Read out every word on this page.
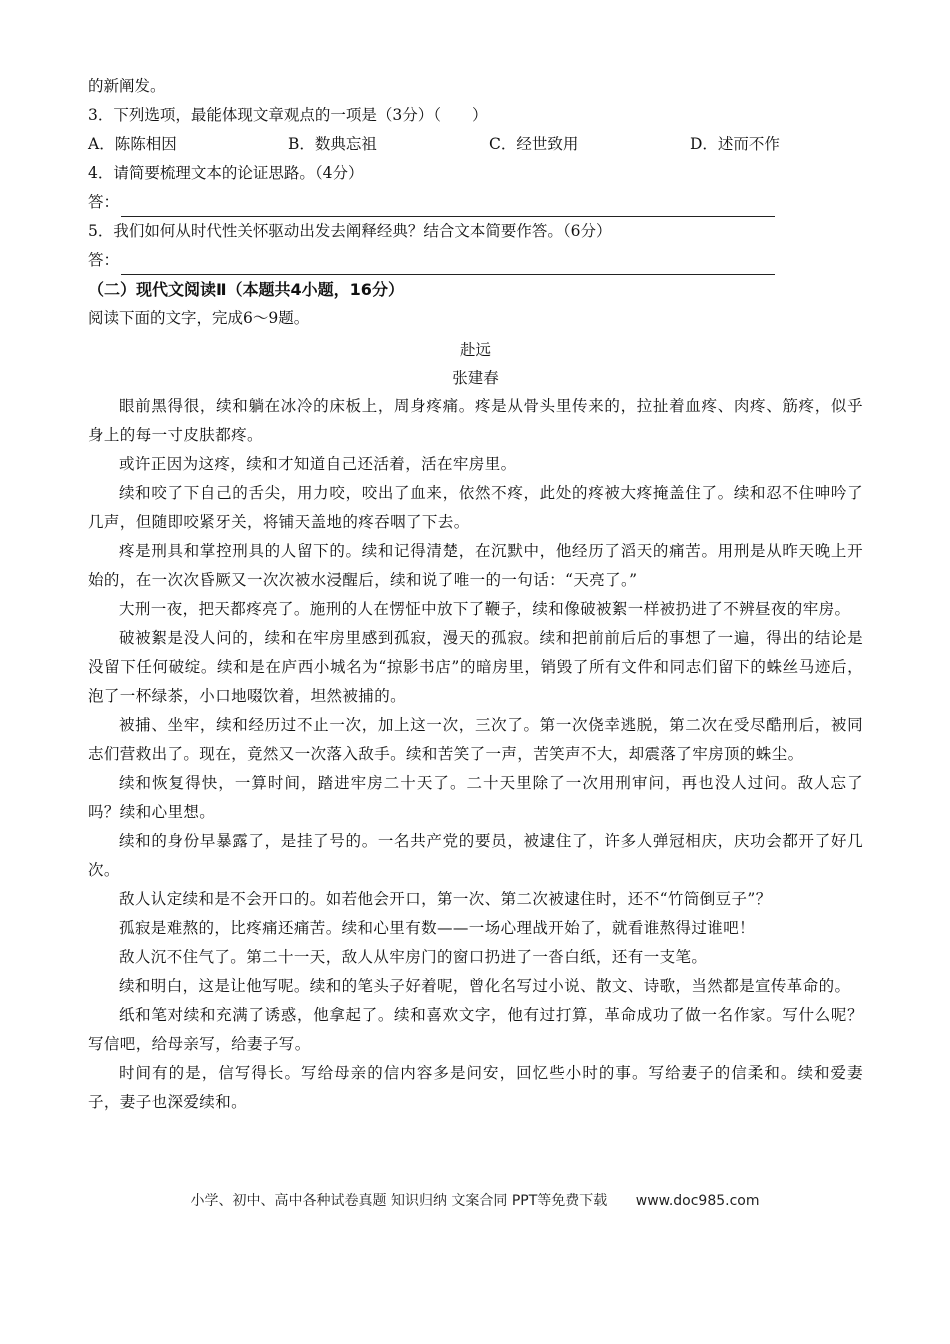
的新阐发。
3．下列选项，最能体现文章观点的一项是（3分）（　　）
A．陈陈相因	B．数典忘祖	C．经世致用	D．述而不作
4．请简要梳理文本的论证思路。（4分）
答：
5．我们如何从时代性关怀驱动出发去阐释经典？结合文本简要作答。（6分）
答：
（二）现代文阅读Ⅱ（本题共4小题，16分）
阅读下面的文字，完成6～9题。
赴远
张建春

眼前黑得很，续和躺在冰冷的床板上，周身疼痛。疼是从骨头里传来的，拉扯着血疼、肉疼、筋疼，似乎身上的每一寸皮肤都疼。

或许正因为这疼，续和才知道自己还活着，活在牢房里。

续和咬了下自己的舌尖，用力咬，咬出了血来，依然不疼，此处的疼被大疼掩盖住了。续和忍不住呻吟了几声，但随即咬紧牙关，将铺天盖地的疼吞咽了下去。

疼是刑具和掌控刑具的人留下的。续和记得清楚，在沉默中，他经历了滔天的痛苦。用刑是从昨天晚上开始的，在一次次昏厥又一次次被水浸醒后，续和说了唯一的一句话：“天亮了。”

大刑一夜，把天都疼亮了。施刑的人在愣怔中放下了鞭子，续和像破被絮一样被扔进了不辨昼夜的牢房。

破被絮是没人问的，续和在牢房里感到孤寂，漫天的孤寂。续和把前前后后的事想了一遍，得出的结论是没留下任何破绽。续和是在庐西小城名为“掠影书店”的暗房里，销毁了所有文件和同志们留下的蛛丝马迹后，泡了一杯绿茶，小口地啜饮着，坦然被捕的。

被捕、坐牢，续和经历过不止一次，加上这一次，三次了。第一次侥幸逃脱，第二次在受尽酷刑后，被同志们营救出了。现在，竟然又一次落入敌手。续和苦笑了一声，苦笑声不大，却震落了牢房顶的蛛尘。

续和恢复得快，一算时间，踏进牢房二十天了。二十天里除了一次用刑审问，再也没人过问。敌人忘了吗？续和心里想。

续和的身份早暴露了，是挂了号的。一名共产党的要员，被逮住了，许多人弹冠相庆，庆功会都开了好几次。

敌人认定续和是不会开口的。如若他会开口，第一次、第二次被逮住时，还不“竹筒倒豆子”？

孤寂是难熬的，比疼痛还痛苦。续和心里有数——一场心理战开始了，就看谁熬得过谁吧！

敌人沉不住气了。第二十一天，敌人从牢房门的窗口扔进了一沓白纸，还有一支笔。

续和明白，这是让他写呢。续和的笔头子好着呢，曾化名写过小说、散文、诗歌，当然都是宣传革命的。

纸和笔对续和充满了诱惑，他拿起了。续和喜欢文字，他有过打算，革命成功了做一名作家。写什么呢？写信吧，给母亲写，给妻子写。

时间有的是，信写得长。写给母亲的信内容多是问安，回忆些小时的事。写给妻子的信柔和。续和爱妻子，妻子也深爱续和。

小学、初中、高中各种试卷真题 知识归纳 文案合同 PPT等免费下载 www.doc985.com
